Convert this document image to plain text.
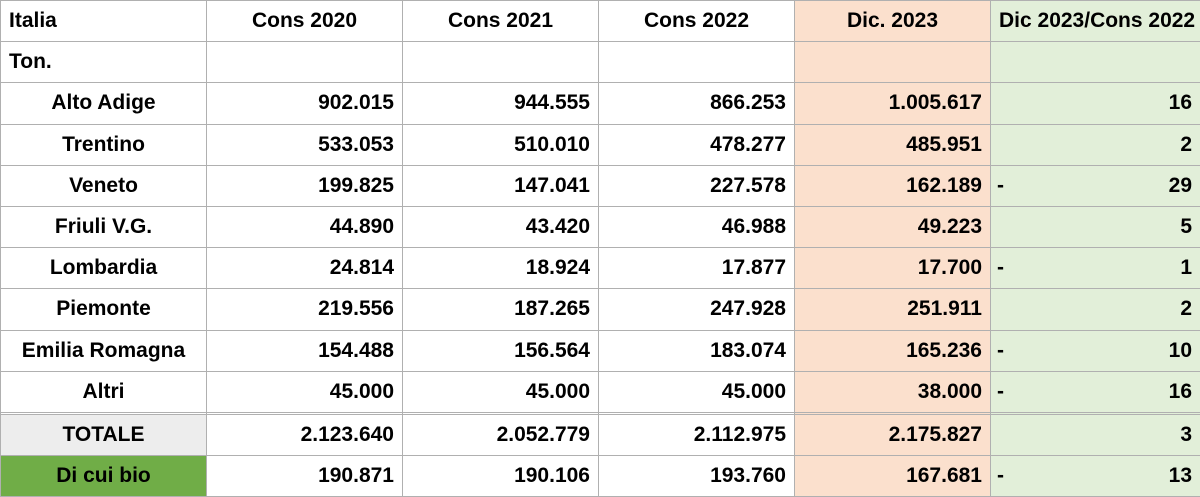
Italia	Cons 2020	Cons 2021	Cons 2022	Dic. 2023	Dic 2023/Cons 2022
Ton.					
Alto Adige	902.015	944.555	866.253	1.005.617	16

Trentino	533.053	510.010	478.277	485.951	2

Veneto	199.825	147.041	227.578	162.189	- 29

Friuli V.G.	44.890	43.420	46.988	49.223	5

Lombardia	24.814	18.924	17.877	17.700	- 1

Piemonte	219.556	187.265	247.928	251.911	2

Emilia Romagna	154.488	156.564	183.074	165.236	- 10

Altri	45.000	45.000	45.000	38.000	- 16

TOTALE	2.123.640	2.052.779	2.112.975	2.175.827	3

Di cui bio	190.871	190.106	193.760	167.681	- 13
